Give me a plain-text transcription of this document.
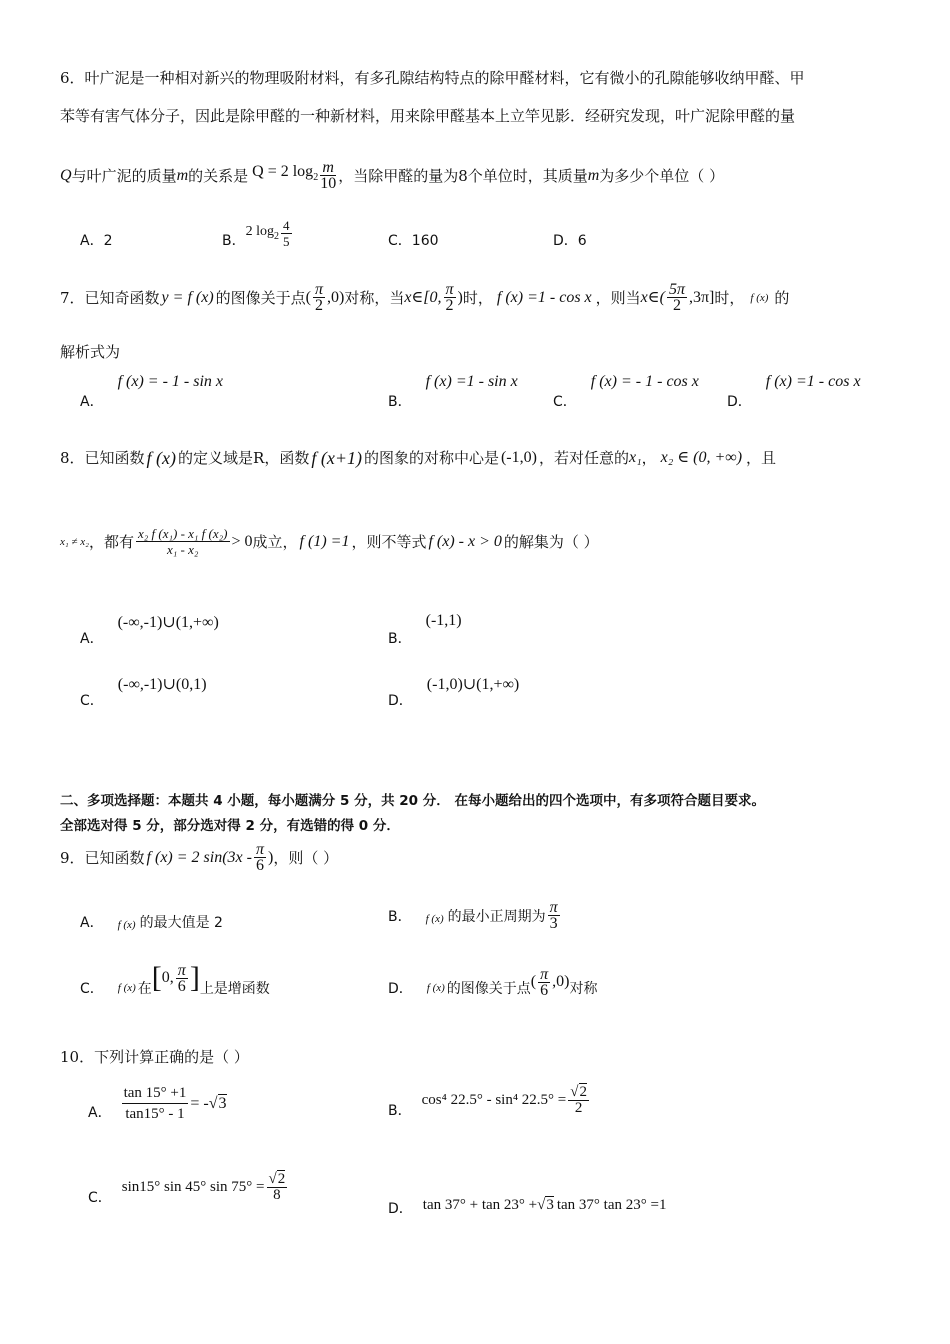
6．叶广泥是一种相对新兴的物理吸附材料，有多孔隙结构特点的除甲醛材料，它有微小的孔隙能够收纳甲醛、甲
苯等有害气体分子，因此是除甲醛的一种新材料，用来除甲醛基本上立竿见影．经研究发现，叶广泥除甲醛的量
Q 与叶广泥的质量 m 的关系是 Q = 2 $\log_2 \frac{m}{10}$ ，当除甲醛的量为8个单位时，其质量 m 为多少个单位（ ）
A．2	B．
2 $\log_2 \frac{4}{5}$	C．160	D．6
7．已知奇函数 y = f (x) 的图像关于点 ( $\frac{\pi}{2} ,0$) 对称，当 x∈[0, $\frac{\pi}{2}$ ) 时， f (x) =1 - cos x ，则当 x∈( $\frac{5\pi}{2} ,3\pi$] 时， f (x) 的
解析式为
A．
f (x) = - 1 - sin x
B．
f (x) =1 - sin x
C．
f (x) = - 1 - cos x
D．
f (x) =1 - cos x
8．已知函数 f (x) 的定义域是R，函数 f (x+1) 的图象的对称中心是 (-1,0) ，若对任意的 x₁ ， x₂ ∈ (0, +∞) ，且
x₁ ≠ x₂ ，都有 $\frac{\text{x₂ f (x₁) - x₁ f (x₂)}}{\text{x₁ - x₂}} > 0$ 成立， f (1) =1 ，则不等式 f (x) - x > 0 的解集为（ ）
A．
(-∞,-1)∪(1,+∞)
B．
(-1,1)
C．
(-∞,-1)∪(0,1)
D．
(-1,0)∪(1,+∞)
二、多项选择题：本题共 4 小题，每小题满分 5 分，共 20 分． 在每小题给出的四个选项中，有多项符合题目要求。
全部选对得 5 分，部分选对得 2 分，有选错的得 0 分．
9．已知函数 f (x) = 2 $\sin(3x - \frac{\pi}{6}$ ) ，则（ ）
A． f (x) 的最大值是 2	B． f (x) 的最小正周期为 $\frac{\pi}{3}$
C． f (x) 在 [ 0, $\frac{\pi}{6}$ ] 上是增函数	D． f (x) 的图像关于点 ( $\frac{\pi}{6} ,0$) 对称
10．下列计算正确的是（ ）
A． $\frac{\tan 15^\circ +1}{\tan 15^\circ - 1}$ = - √ 3	B．
cos⁴ 22.5° - sin⁴ $22.5^\circ = \frac{√2}{2}$
C．
sin15° sin 45° $\sin 75^\circ = \frac{√2}{8}$
D． tan 37° + tan 23° + √ 3 tan 37° tan 23° =1
